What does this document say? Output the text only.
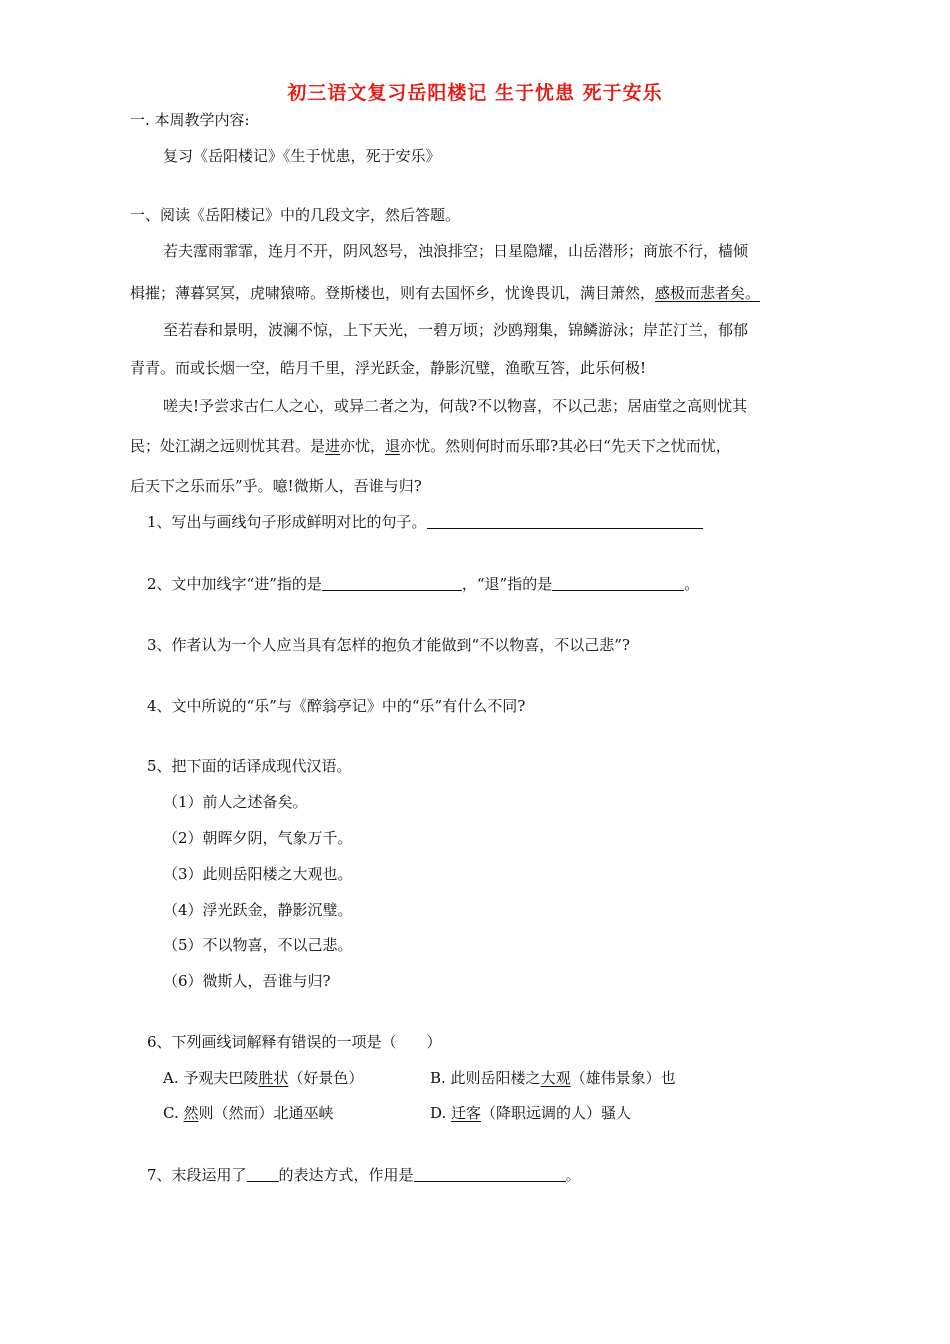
初三语文复习岳阳楼记 生于忧患 死于安乐
一. 本周教学内容:
复习《岳阳楼记》《生于忧患，死于安乐》
一、阅读《岳阳楼记》中的几段文字，然后答题。
若夫霪雨霏霏，连月不开，阴风怒号，浊浪排空；日星隐耀，山岳潜形；商旅不行，樯倾
楫摧；薄暮冥冥，虎啸猿啼。登斯楼也，则有去国怀乡，忧谗畏讥，满目萧然，感极而悲者矣。
至若春和景明，波澜不惊，上下天光，一碧万顷；沙鸥翔集，锦鳞游泳；岸芷汀兰，郁郁
青青。而或长烟一空，皓月千里，浮光跃金，静影沉璧，渔歌互答，此乐何极!
嗟夫!予尝求古仁人之心，或异二者之为，何哉?不以物喜，不以己悲；居庙堂之高则忧其
民；处江湖之远则忧其君。是进亦忧，退亦忧。然则何时而乐耶?其必曰“先天下之忧而忧，
后天下之乐而乐”乎。噫!微斯人，吾谁与归?
1、写出与画线句子形成鲜明对比的句子。
2、文中加线字“进”指的是	，“退”指的是	。
3、作者认为一个人应当具有怎样的抱负才能做到“不以物喜，不以己悲”?
4、文中所说的“乐”与《醉翁亭记》中的“乐”有什么不同?
5、把下面的话译成现代汉语。
（1）前人之述备矣。
（2）朝晖夕阴，气象万千。
（3）此则岳阳楼之大观也。
（4）浮光跃金，静影沉璧。
（5）不以物喜，不以己悲。
（6）微斯人，吾谁与归?
6、下列画线词解释有错误的一项是（　　）
A. 予观夫巴陵胜状（好景色）	B. 此则岳阳楼之大观（雄伟景象）也
C. 然则（然而）北通巫峡	D. 迁客（降职远调的人）骚人
7、末段运用了 的表达方式，作用是	。
